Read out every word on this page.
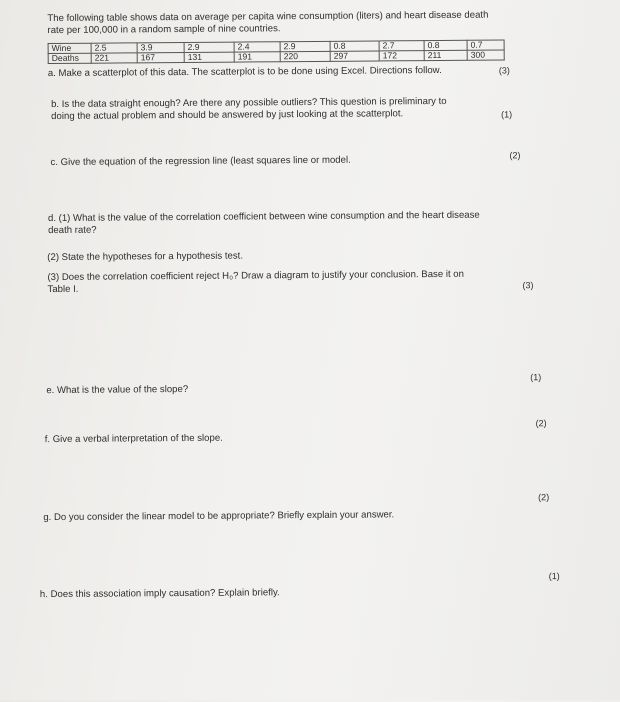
The following table shows data on average per capita wine consumption (liters) and heart disease death
rate per 100,000 in a random sample of nine countries.
Wine	2.5	3.9	2.9	2.4	2.9	0.8	2.7	0.8	0.7
Deaths	221	167	131	191	220	297	172	211	300
a. Make a scatterplot of this data. The scatterplot is to be done using Excel. Directions follow.	(3)
b. Is the data straight enough? Are there any possible outliers? This question is preliminary to
doing the actual problem and should be answered by just looking at the scatterplot.	(1)
c. Give the equation of the regression line (least squares line or model.	(2)
d. (1) What is the value of the correlation coefficient between wine consumption and the heart disease
death rate?
(2) State the hypotheses for a hypothesis test.
(3) Does the correlation coefficient reject H₀? Draw a diagram to justify your conclusion. Base it on
Table I.	(3)
e. What is the value of the slope?
(1)
f. Give a verbal interpretation of the slope.
(2)
g. Do you consider the linear model to be appropriate? Briefly explain your answer.
(2)
h. Does this association imply causation? Explain briefly.
(1)
